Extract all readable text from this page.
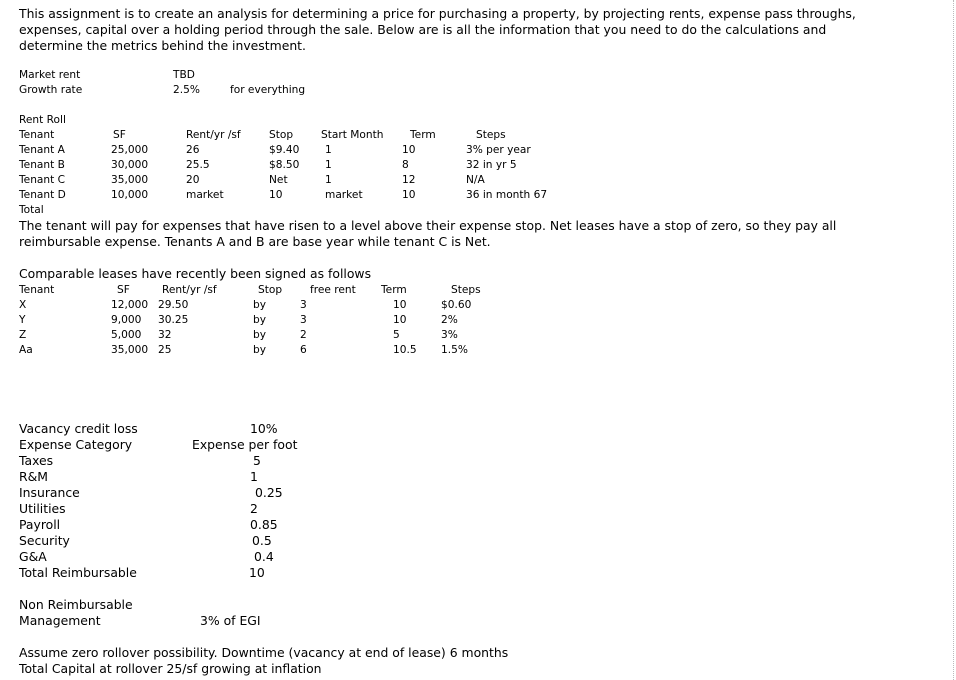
This assignment is to create an analysis for determining a price for purchasing a property, by projecting rents, expense pass throughs,
expenses, capital over a holding period through the sale. Below are is all the information that you need to do the calculations and
determine the metrics behind the investment.
Market rent	TBD
Growth rate	2.5%	for everything
Rent Roll
Tenant	SF	Rent/yr /sf	Stop	Start Month	Term	Steps
Tenant A	25,000	26	$9.40 1	10	3% per year
Tenant B	30,000	25.5	$8.50 1	8	32 in yr 5
Tenant C	35,000	20	Net	1	12	N/A
Tenant D	10,000	market	10	market	10	36 in month 67
Total
The tenant will pay for expenses that have risen to a level above their expense stop. Net leases have a stop of zero, so they pay all
reimbursable expense. Tenants A and B are base year while tenant C is Net.
Comparable leases have recently been signed as follows
Tenant	SF	Rent/yr /sf	Stop	free rent Term	Steps
X	12,000 29.50	by	3	10	$0.60
Y	9,000 30.25	by	3	10	2%
Z	5,000 32	by	2	5	3%
Aa	35,000 25	by	6	10.5 1.5%
Vacancy credit loss	10%
Expense Category	Expense per foot
Taxes	5
R&M	1
Insurance	0.25
Utilities	2
Payroll	0.85
Security	0.5
G&A	0.4
Total Reimbursable	10
Non Reimbursable
Management	3% of EGI
Assume zero rollover possibility. Downtime (vacancy at end of lease) 6 months
Total Capital at rollover 25/sf growing at inflation
